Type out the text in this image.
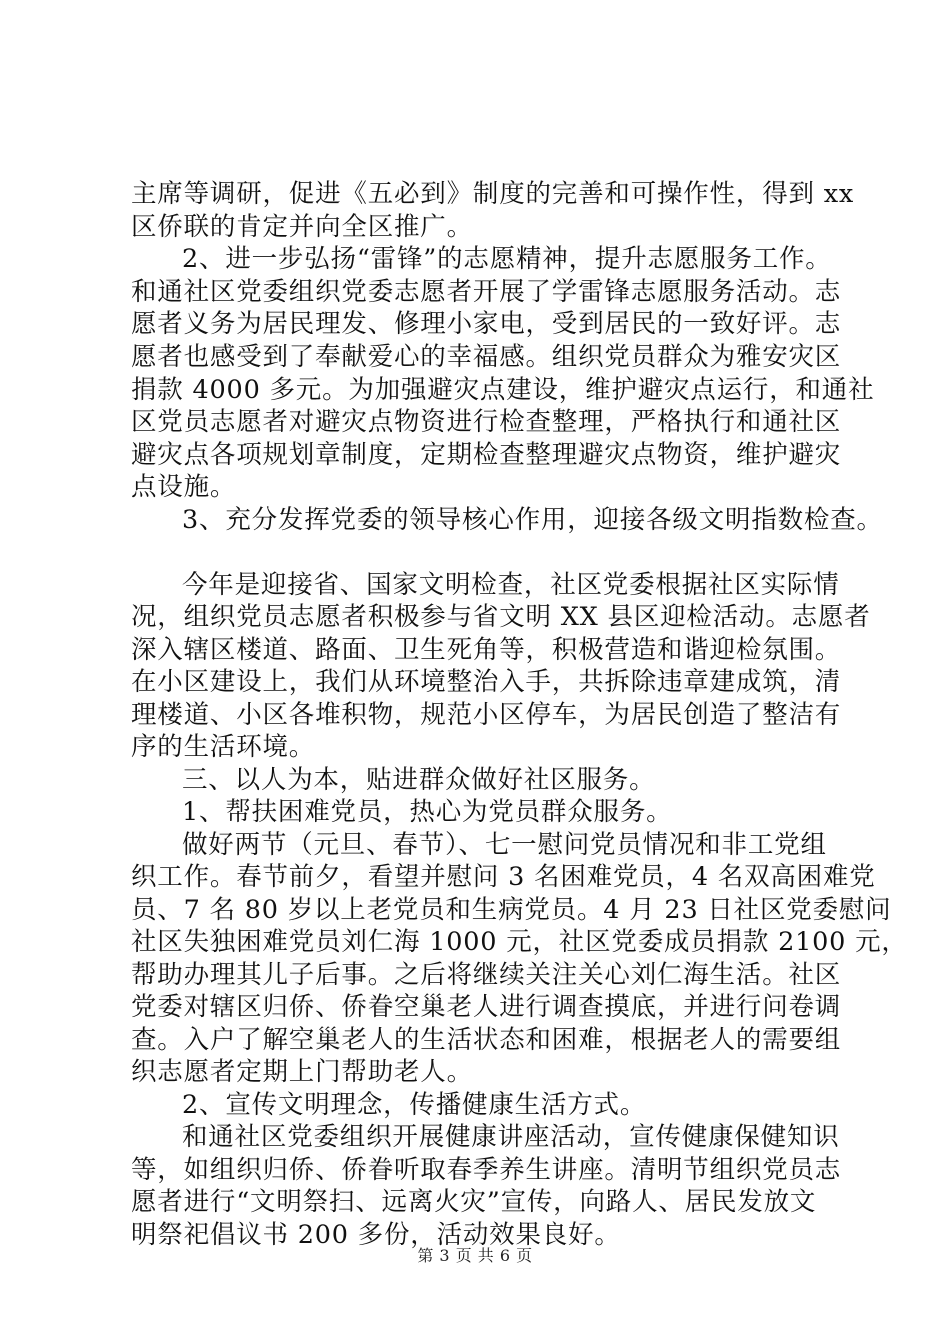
主席等调研，促进《五必到》制度的完善和可操作性，得到 xx
区侨联的肯定并向全区推广。
2、进一步弘扬“雷锋”的志愿精神，提升志愿服务工作。
和通社区党委组织党委志愿者开展了学雷锋志愿服务活动。志
愿者义务为居民理发、修理小家电，受到居民的一致好评。志
愿者也感受到了奉献爱心的幸福感。组织党员群众为雅安灾区
捐款 4000 多元。为加强避灾点建设，维护避灾点运行，和通社
区党员志愿者对避灾点物资进行检查整理，严格执行和通社区
避灾点各项规划章制度，定期检查整理避灾点物资，维护避灾
点设施。
3、充分发挥党委的领导核心作用，迎接各级文明指数检查。
今年是迎接省、国家文明检查，社区党委根据社区实际情
况，组织党员志愿者积极参与省文明 XX 县区迎检活动。志愿者
深入辖区楼道、路面、卫生死角等，积极营造和谐迎检氛围。
在小区建设上，我们从环境整治入手，共拆除违章建成筑，清
理楼道、小区各堆积物，规范小区停车，为居民创造了整洁有
序的生活环境。
三、以人为本，贴进群众做好社区服务。
1、帮扶困难党员，热心为党员群众服务。
做好两节（元旦、春节）、七一慰问党员情况和非工党组
织工作。春节前夕，看望并慰问 3 名困难党员，4 名双高困难党
员、7 名 80 岁以上老党员和生病党员。4 月 23 日社区党委慰问
社区失独困难党员刘仁海 1000 元，社区党委成员捐款 2100 元，
帮助办理其儿子后事。之后将继续关注关心刘仁海生活。社区
党委对辖区归侨、侨眷空巢老人进行调查摸底，并进行问卷调
查。入户了解空巢老人的生活状态和困难，根据老人的需要组
织志愿者定期上门帮助老人。
2、宣传文明理念，传播健康生活方式。
和通社区党委组织开展健康讲座活动，宣传健康保健知识
等，如组织归侨、侨眷听取春季养生讲座。清明节组织党员志
愿者进行“文明祭扫、远离火灾”宣传，向路人、居民发放文
明祭祀倡议书 200 多份，活动效果良好。
第 3 页 共 6 页
